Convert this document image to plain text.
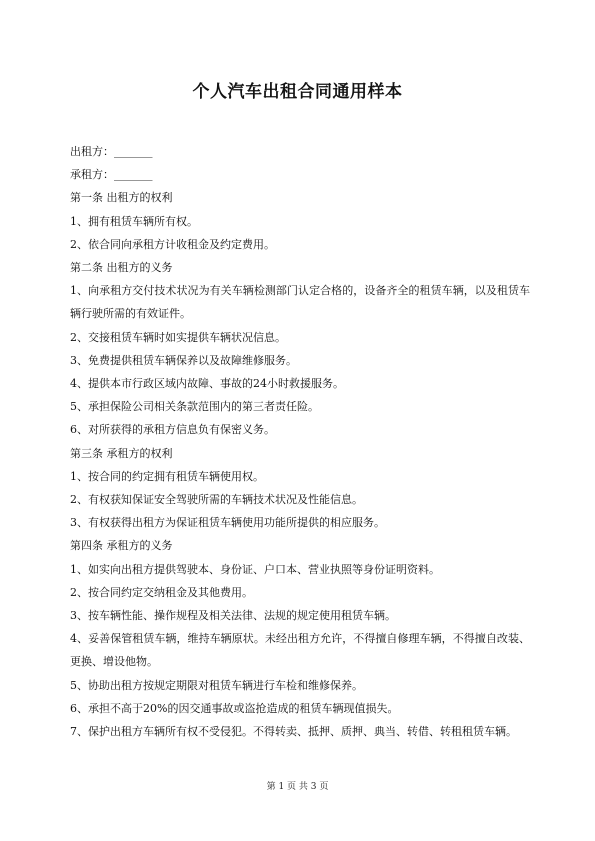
个人汽车出租合同通用样本
出租方：_______
承租方：_______
第一条 出租方的权利
1、拥有租赁车辆所有权。
2、依合同向承租方计收租金及约定费用。
第二条 出租方的义务
1、向承租方交付技术状况为有关车辆检测部门认定合格的，设备齐全的租赁车辆，以及租赁车辆行驶所需的有效证件。
2、交接租赁车辆时如实提供车辆状况信息。
3、免费提供租赁车辆保养以及故障维修服务。
4、提供本市行政区域内故障、事故的24小时救援服务。
5、承担保险公司相关条款范围内的第三者责任险。
6、对所获得的承租方信息负有保密义务。
第三条 承租方的权利
1、按合同的约定拥有租赁车辆使用权。
2、有权获知保证安全驾驶所需的车辆技术状况及性能信息。
3、有权获得出租方为保证租赁车辆使用功能所提供的相应服务。
第四条 承租方的义务
1、如实向出租方提供驾驶本、身份证、户口本、营业执照等身份证明资料。
2、按合同约定交纳租金及其他费用。
3、按车辆性能、操作规程及相关法律、法规的规定使用租赁车辆。
4、妥善保管租赁车辆，维持车辆原状。未经出租方允许，不得擅自修理车辆，不得擅自改装、更换、增设他物。
5、协助出租方按规定期限对租赁车辆进行车检和维修保养。
6、承担不高于20%的因交通事故或盗抢造成的租赁车辆现值损失。
7、保护出租方车辆所有权不受侵犯。不得转卖、抵押、质押、典当、转借、转租租赁车辆。
第 1 页 共 3 页
